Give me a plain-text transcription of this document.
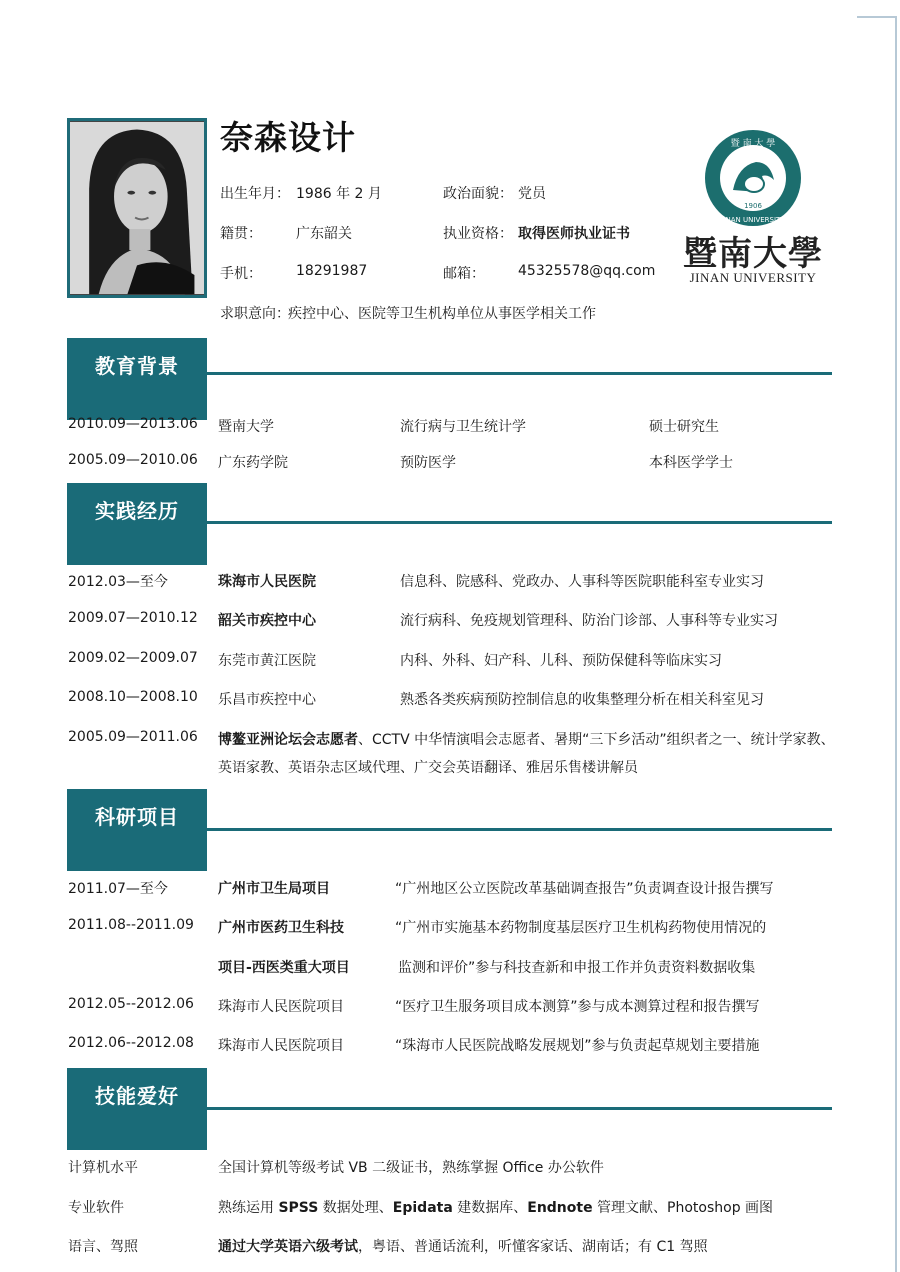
奈森设计
出生年月： 1986 年 2 月	政治面貌： 党员
籍贯： 广东韶关	执业资格： 取得医师执业证书
手机： 18291987	邮箱： 45325578@qq.com
求职意向：
疾控中心、医院等卫生机构单位从事医学相关工作
暨 南 大 學
1906
JINAN UNIVERSITY
暨南大學
JINAN UNIVERSITY
教育背景
2010.09—2013.06 暨南大学	流行病与卫生统计学	硕士研究生
2005.09—2010.06 广东药学院	预防医学	本科医学学士
实践经历
2012.03—至今	珠海市人民医院	信息科、院感科、党政办、人事科等医院职能科室专业实习
2009.07—2010.12 韶关市疾控中心	流行病科、免疫规划管理科、防治门诊部、人事科等专业实习
2009.02—2009.07 东莞市黄江医院	内科、外科、妇产科、儿科、预防保健科等临床实习
2008.10—2008.10 乐昌市疾控中心	熟悉各类疾病预防控制信息的收集整理分析在相关科室见习
2005.09—2011.06 博鳌亚洲论坛会志愿者、CCTV 中华情演唱会志愿者、暑期“三下乡活动”组织者之一、统计学家教、
英语家教、英语杂志区域代理、广交会英语翻译、雅居乐售楼讲解员
科研项目
2011.07—至今	广州市卫生局项目	“广州地区公立医院改革基础调查报告”负责调查设计报告撰写
2011.08--2011.09 广州市医药卫生科技	“广州市实施基本药物制度基层医疗卫生机构药物使用情况的
项目-西医类重大项目	监测和评价”参与科技查新和申报工作并负责资料数据收集
2012.05--2012.06 珠海市人民医院项目	“医疗卫生服务项目成本测算”参与成本测算过程和报告撰写
2012.06--2012.08 珠海市人民医院项目	“珠海市人民医院战略发展规划”参与负责起草规划主要措施
技能爱好
计算机水平	全国计算机等级考试 VB 二级证书，熟练掌握 Office 办公软件
专业软件	熟练运用 SPSS 数据处理、Epidata 建数据库、Endnote 管理文献、Photoshop 画图
语言、驾照	通过大学英语六级考试，粤语、普通话流利，听懂客家话、湖南话；有 C1 驾照
